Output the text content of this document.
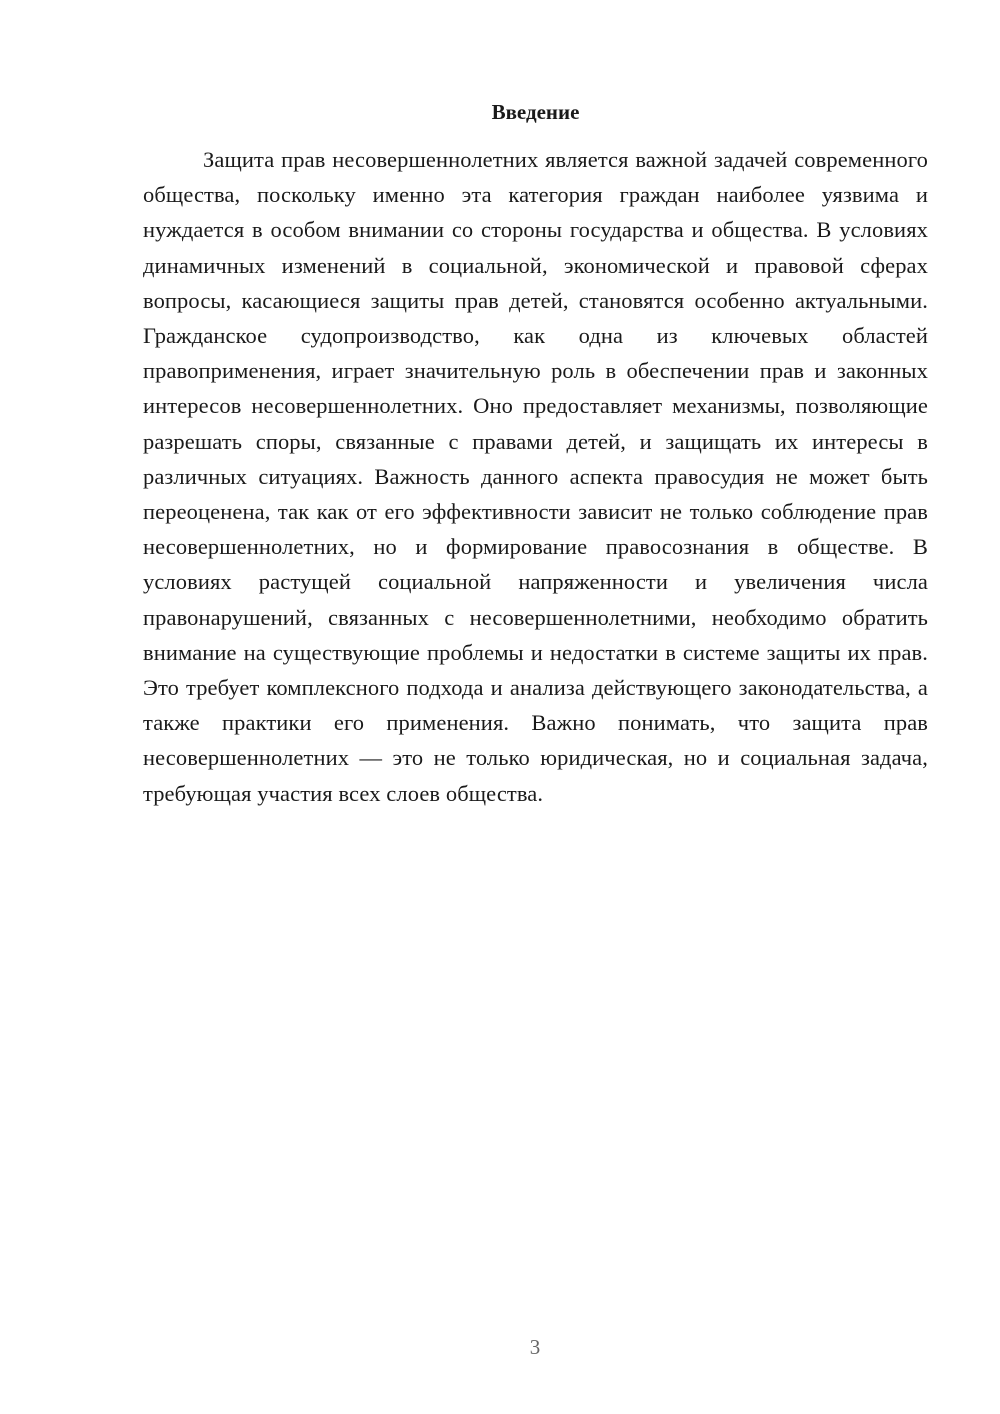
Введение

Защита прав несовершеннолетних является важной задачей современного общества, поскольку именно эта категория граждан наиболее уязвима и нуждается в особом внимании со стороны государства и общества. В условиях динамичных изменений в социальной, экономической и правовой сферах вопросы, касающиеся защиты прав детей, становятся особенно актуальными. Гражданское судопроизводство, как одна из ключевых областей правоприменения, играет значительную роль в обеспечении прав и законных интересов несовершеннолетних. Оно предоставляет механизмы, позволяющие разрешать споры, связанные с правами детей, и защищать их интересы в различных ситуациях. Важность данного аспекта правосудия не может быть переоценена, так как от его эффективности зависит не только соблюдение прав несовершеннолетних, но и формирование правосознания в обществе. В условиях растущей социальной напряженности и увеличения числа правонарушений, связанных с несовершеннолетними, необходимо обратить внимание на существующие проблемы и недостатки в системе защиты их прав. Это требует комплексного подхода и анализа действующего законодательства, а также практики его применения. Важно понимать, что защита прав несовершеннолетних — это не только юридическая, но и социальная задача, требующая участия всех слоев общества.

3
